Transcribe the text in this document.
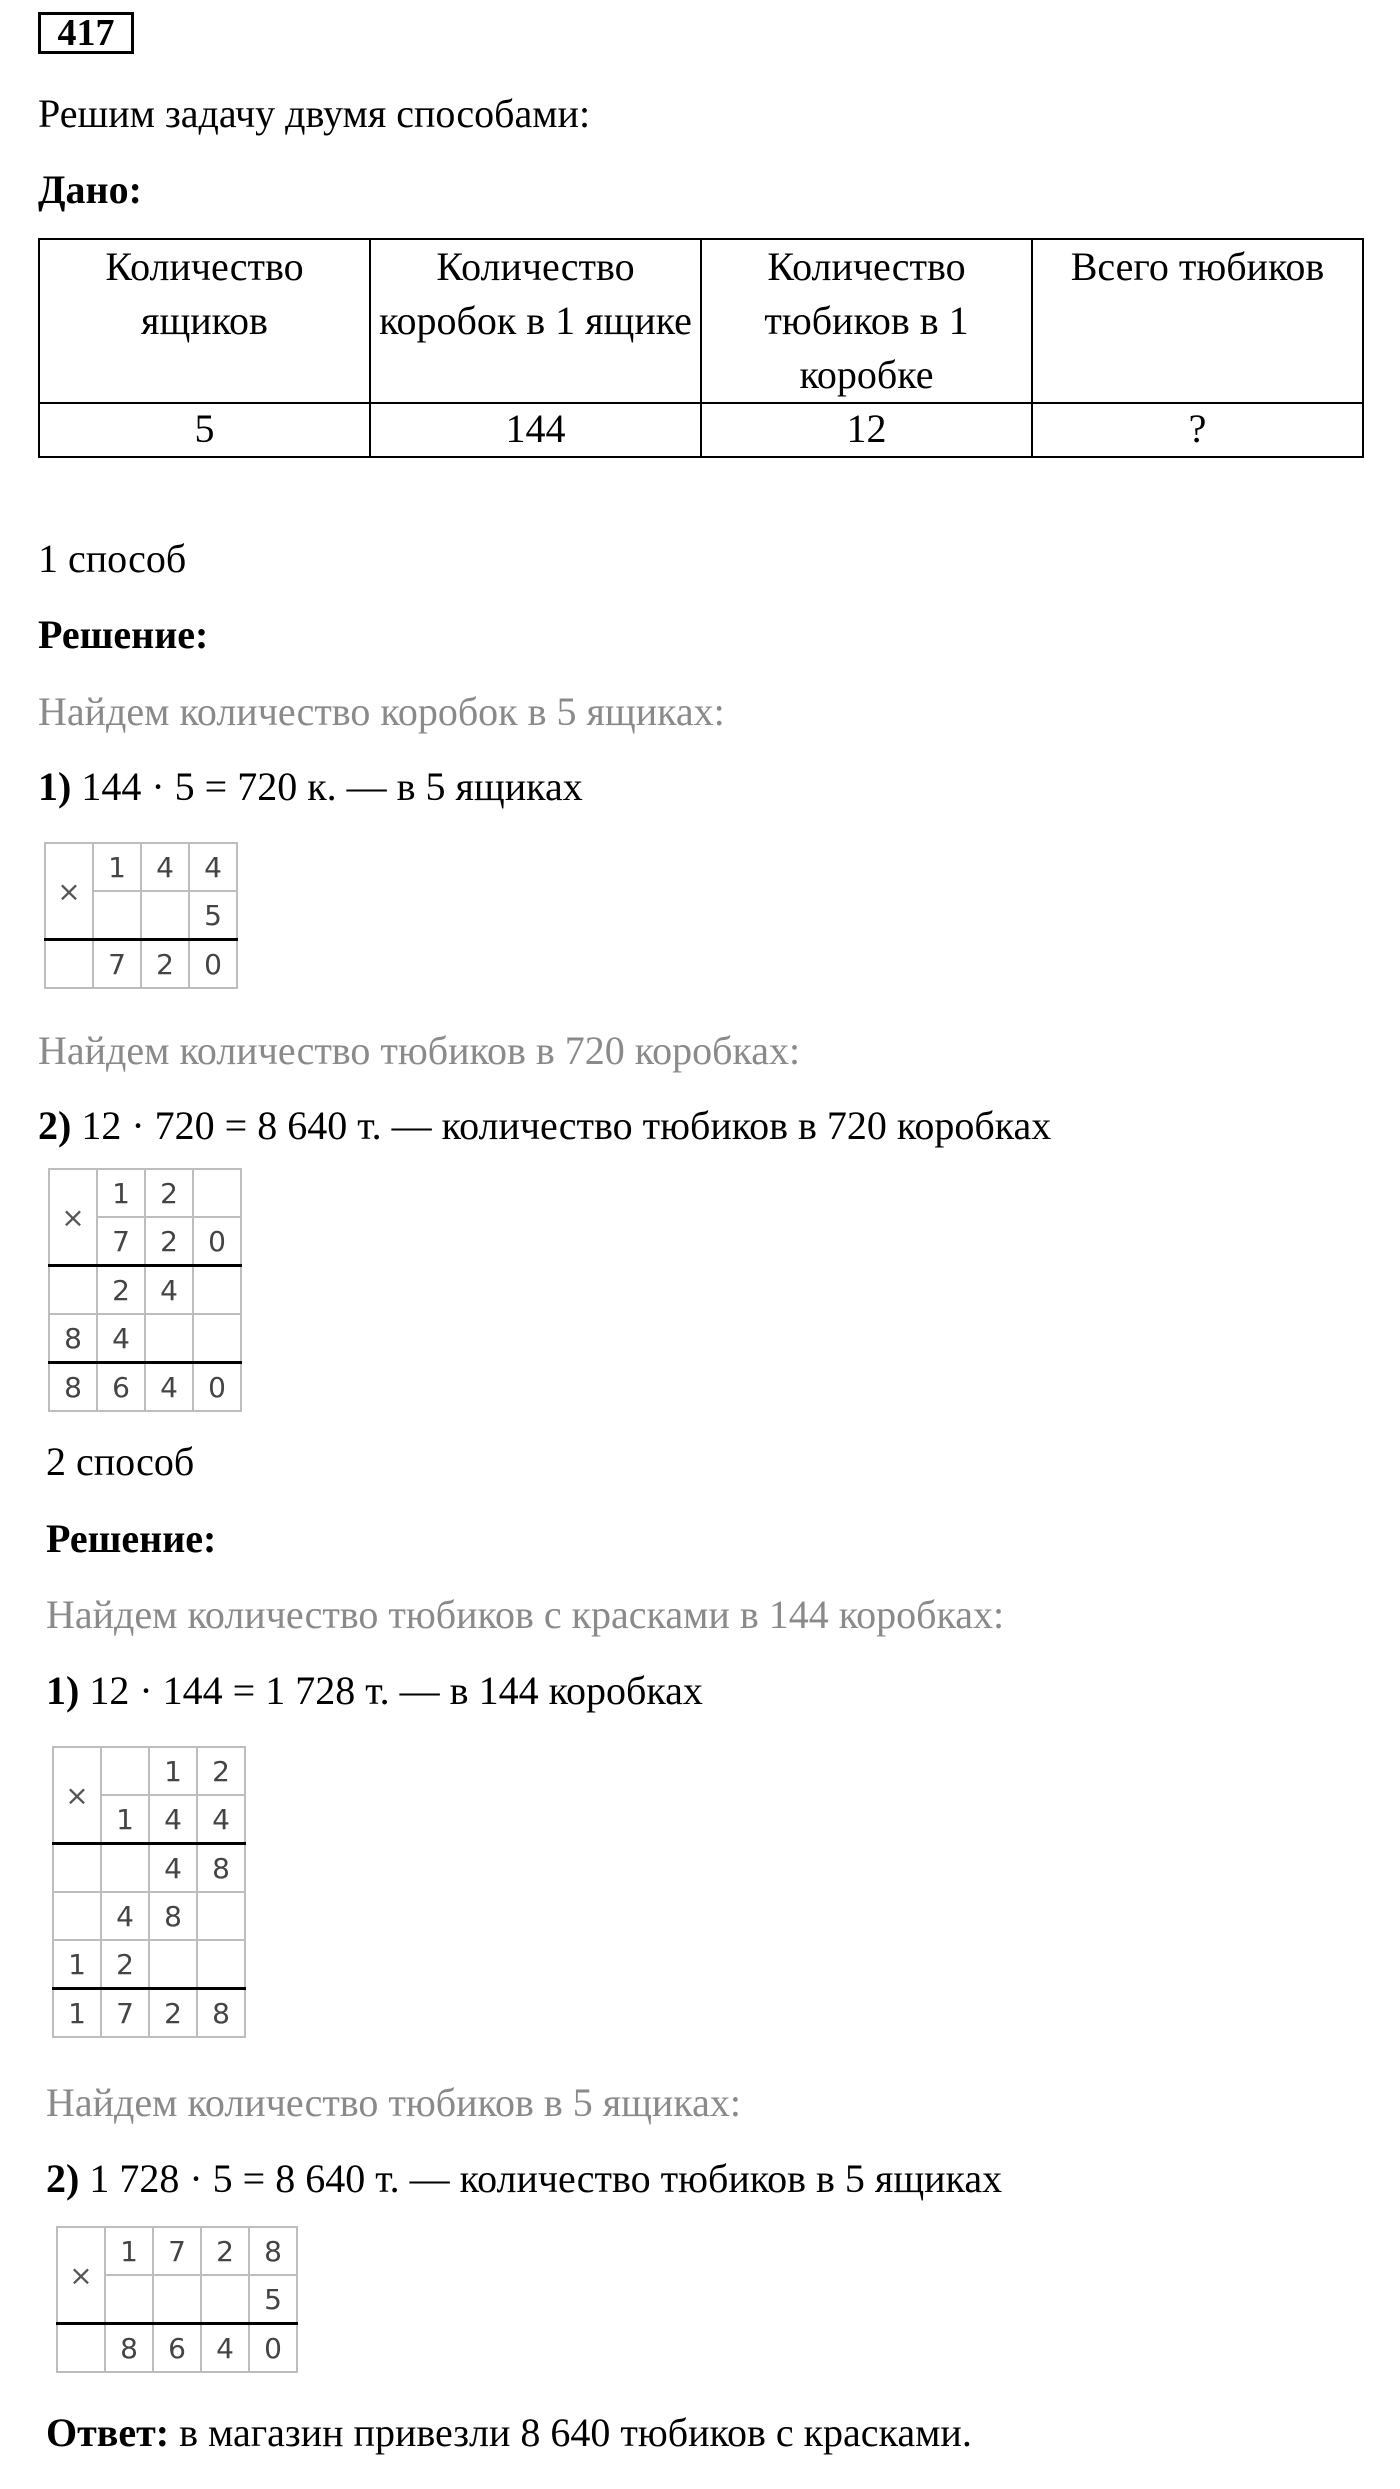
417
Решим задачу двумя способами:
Дано:
Количество ящиков	Количество коробок в 1 ящике	Количество тюбиков в 1 коробке	Всего тюбиков
5	144	12	?
1 способ
Решение:
Найдем количество коробок в 5 ящиках:
1) 144 · 5 = 720 к. — в 5 ящиках
×	1	4	4
			5
	7	2	0
Найдем количество тюбиков в 720 коробках:
2) 12 · 720 = 8 640 т. — количество тюбиков в 720 коробках
×	1	2	
	7	2	0
	2	4	
8	4		
8	6	4	0
2 способ
Решение:
Найдем количество тюбиков с красками в 144 коробках:
1) 12 · 144 = 1 728 т. — в 144 коробках
×		1	2
	1	4	4
		4	8
	4	8	
1	2		
1	7	2	8
Найдем количество тюбиков в 5 ящиках:
2) 1 728 · 5 = 8 640 т. — количество тюбиков в 5 ящиках
×	1	7	2	8
				5
	8	6	4	0
Ответ: в магазин привезли 8 640 тюбиков с красками.
